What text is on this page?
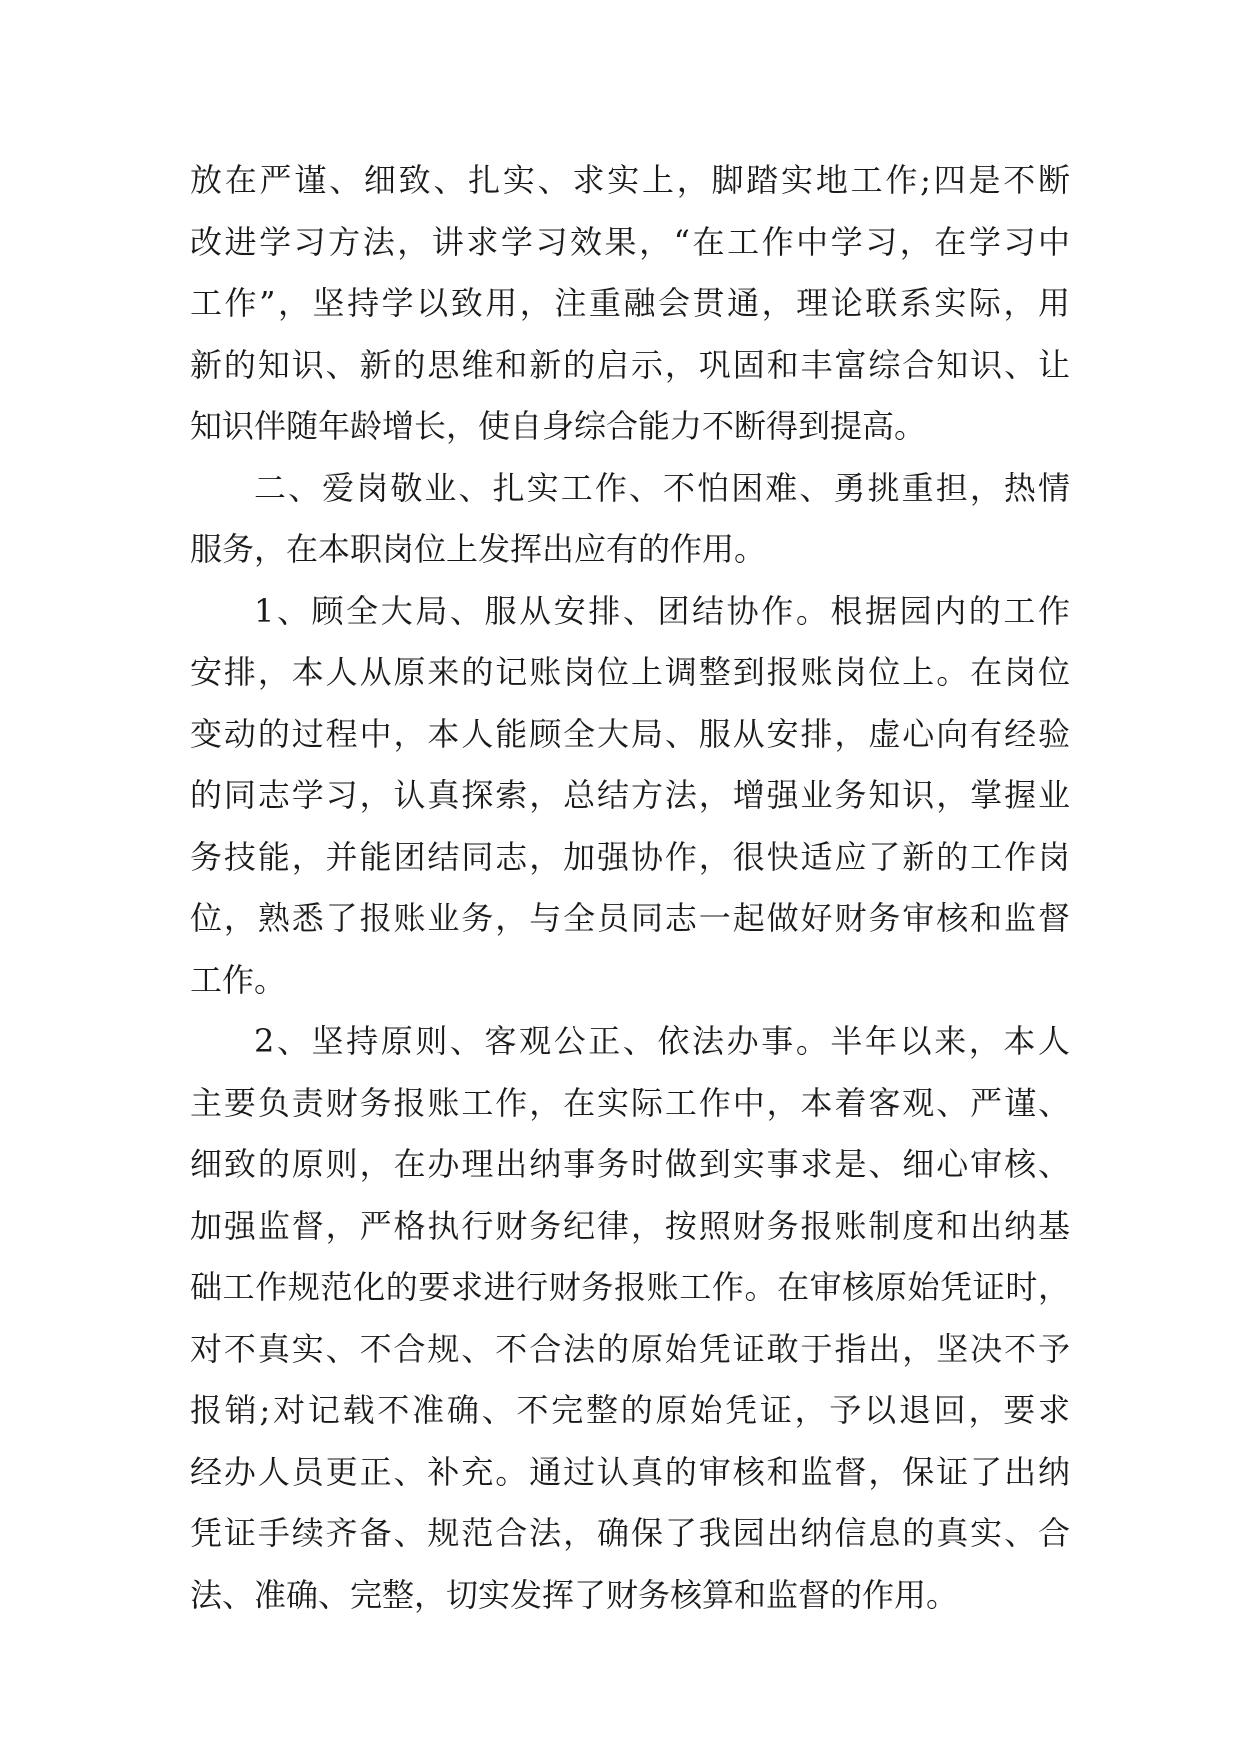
放在严谨、细致、扎实、求实上，脚踏实地工作;四是不断
改进学习方法，讲求学习效果，“在工作中学习，在学习中
工作”，坚持学以致用，注重融会贯通，理论联系实际，用
新的知识、新的思维和新的启示，巩固和丰富综合知识、让
知识伴随年龄增长，使自身综合能力不断得到提高。
二、爱岗敬业、扎实工作、不怕困难、勇挑重担，热情
服务，在本职岗位上发挥出应有的作用。
1、顾全大局、服从安排、团结协作。根据园内的工作
安排，本人从原来的记账岗位上调整到报账岗位上。在岗位
变动的过程中，本人能顾全大局、服从安排，虚心向有经验
的同志学习，认真探索，总结方法，增强业务知识，掌握业
务技能，并能团结同志，加强协作，很快适应了新的工作岗
位，熟悉了报账业务，与全员同志一起做好财务审核和监督
工作。
2、坚持原则、客观公正、依法办事。半年以来，本人
主要负责财务报账工作，在实际工作中，本着客观、严谨、
细致的原则，在办理出纳事务时做到实事求是、细心审核、
加强监督，严格执行财务纪律，按照财务报账制度和出纳基
础工作规范化的要求进行财务报账工作。在审核原始凭证时，
对不真实、不合规、不合法的原始凭证敢于指出，坚决不予
报销;对记载不准确、不完整的原始凭证，予以退回，要求
经办人员更正、补充。通过认真的审核和监督，保证了出纳
凭证手续齐备、规范合法，确保了我园出纳信息的真实、合
法、准确、完整，切实发挥了财务核算和监督的作用。
